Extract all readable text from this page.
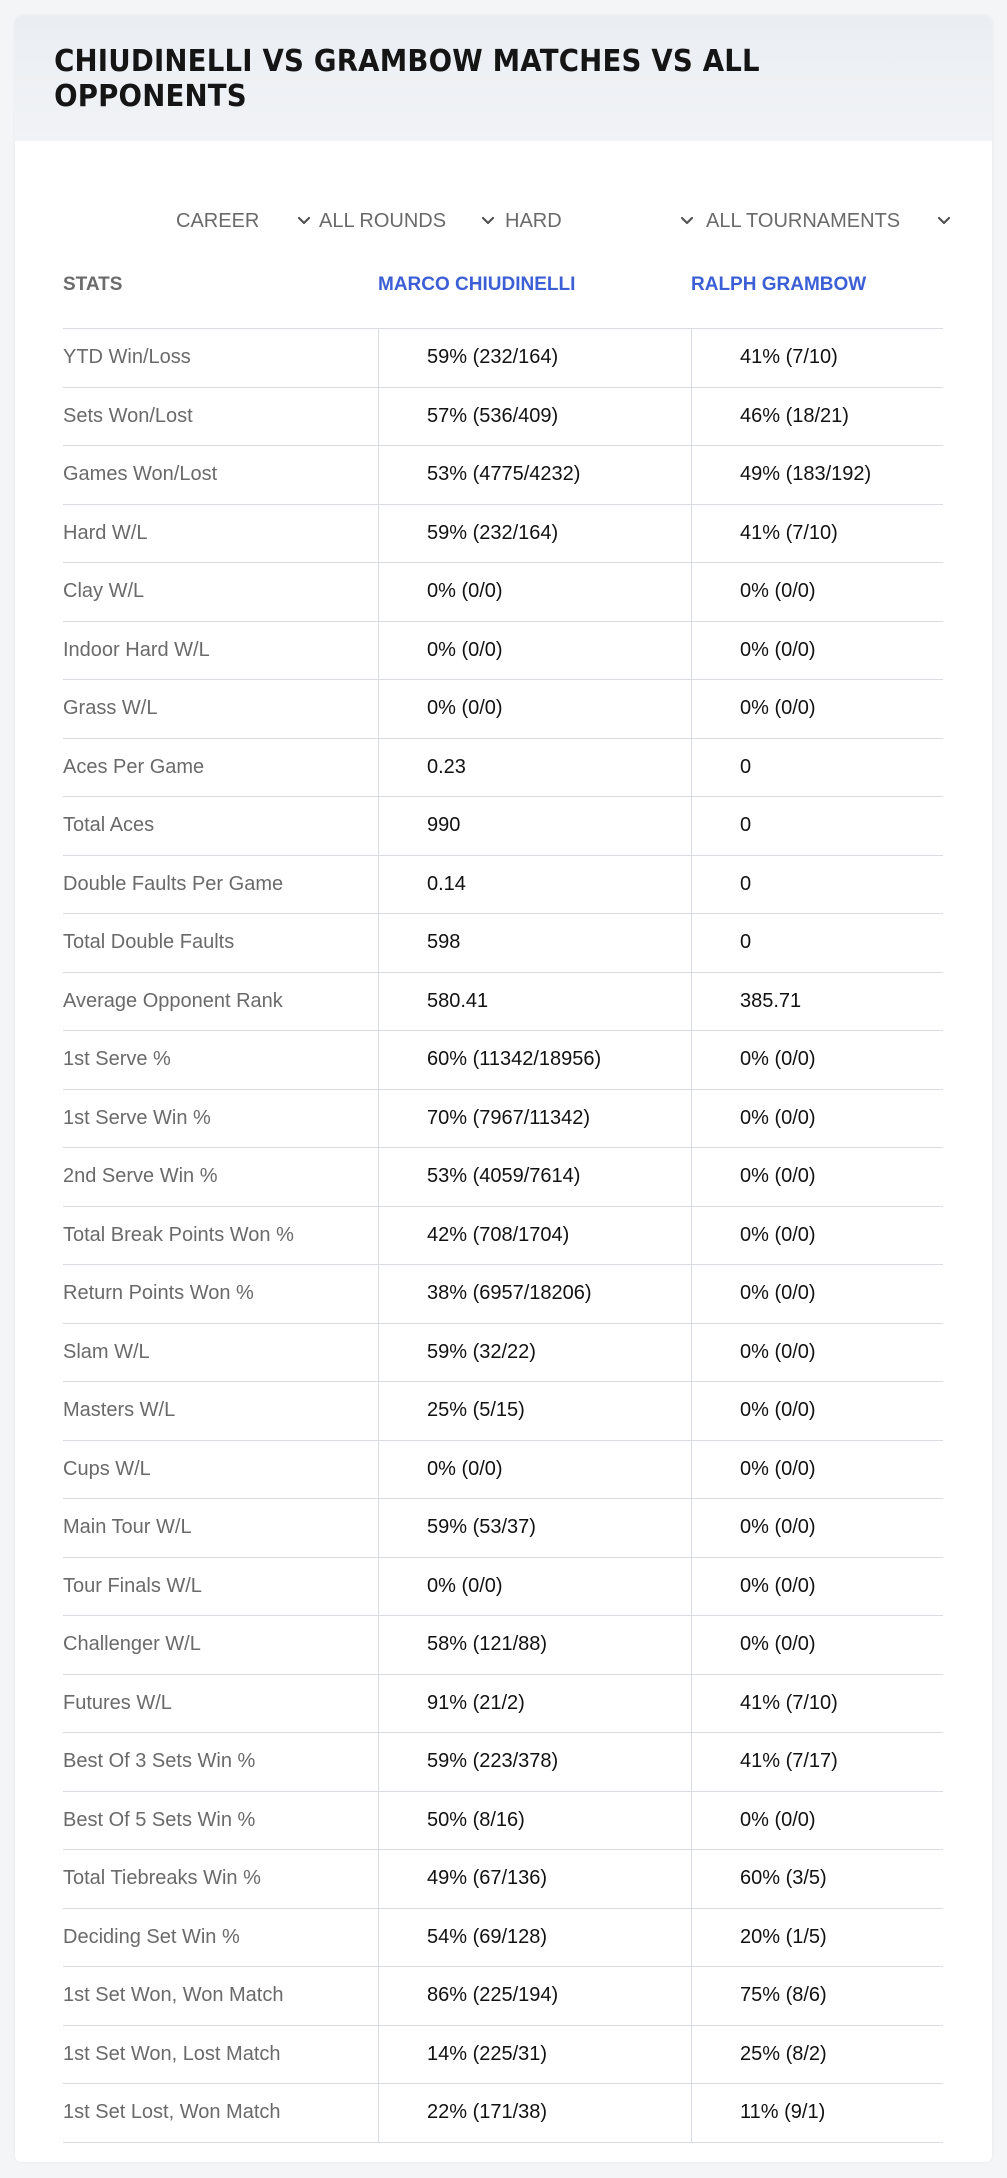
CHIUDINELLI VS GRAMBOW MATCHES VS ALL OPPONENTS
CAREER	ALL ROUNDS	HARD	ALL TOURNAMENTS
STATS	MARCO CHIUDINELLI	RALPH GRAMBOW
YTD Win/Loss	59% (232/164)	41% (7/10)
Sets Won/Lost	57% (536/409)	46% (18/21)
Games Won/Lost	53% (4775/4232)	49% (183/192)
Hard W/L	59% (232/164)	41% (7/10)
Clay W/L	0% (0/0)	0% (0/0)
Indoor Hard W/L	0% (0/0)	0% (0/0)
Grass W/L	0% (0/0)	0% (0/0)
Aces Per Game	0.23	0
Total Aces	990	0
Double Faults Per Game	0.14	0
Total Double Faults	598	0
Average Opponent Rank	580.41	385.71
1st Serve %	60% (11342/18956)	0% (0/0)
1st Serve Win %	70% (7967/11342)	0% (0/0)
2nd Serve Win %	53% (4059/7614)	0% (0/0)
Total Break Points Won %	42% (708/1704)	0% (0/0)
Return Points Won %	38% (6957/18206)	0% (0/0)
Slam W/L	59% (32/22)	0% (0/0)
Masters W/L	25% (5/15)	0% (0/0)
Cups W/L	0% (0/0)	0% (0/0)
Main Tour W/L	59% (53/37)	0% (0/0)
Tour Finals W/L	0% (0/0)	0% (0/0)
Challenger W/L	58% (121/88)	0% (0/0)
Futures W/L	91% (21/2)	41% (7/10)
Best Of 3 Sets Win %	59% (223/378)	41% (7/17)
Best Of 5 Sets Win %	50% (8/16)	0% (0/0)
Total Tiebreaks Win %	49% (67/136)	60% (3/5)
Deciding Set Win %	54% (69/128)	20% (1/5)
1st Set Won, Won Match	86% (225/194)	75% (8/6)
1st Set Won, Lost Match	14% (225/31)	25% (8/2)
1st Set Lost, Won Match	22% (171/38)	11% (9/1)
